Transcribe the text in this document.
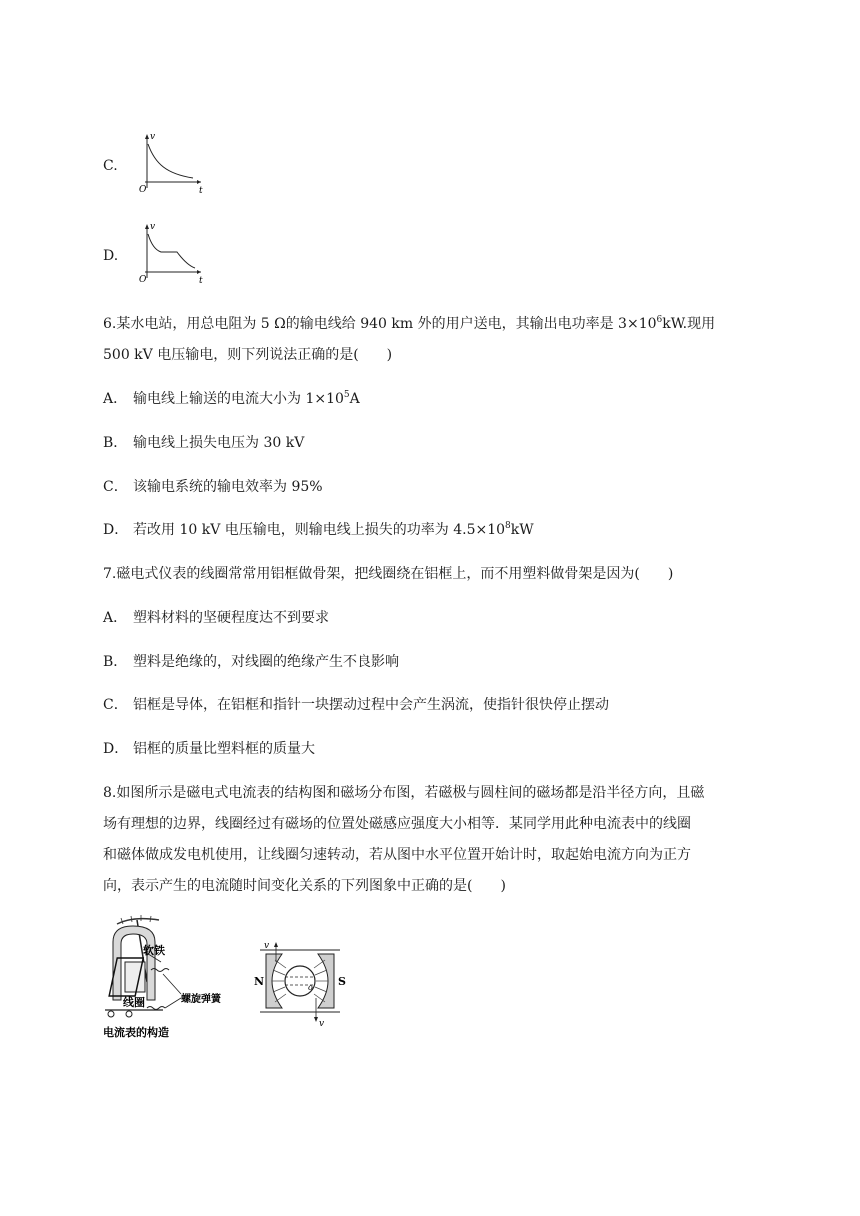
C.
v
O	t
D.
v
O	t
6.某水电站，用总电阻为 5 Ω的输电线给 940 km 外的用户送电，其输出电功率是 $3\times 10^6kW$.现用
500 kV 电压输电，则下列说法正确的是(　　)
A． 输电线上输送的电流大小为 $1\times 10^5A$
B． 输电线上损失电压为 30 kV
C． 该输电系统的输电效率为 95%
D． 若改用 10 kV 电压输电，则输电线上损失的功率为 $4.5\times 10^8kW$
7.磁电式仪表的线圈常常用铝框做骨架，把线圈绕在铝框上，而不用塑料做骨架是因为(　　)
A． 塑料材料的坚硬程度达不到要求
B． 塑料是绝缘的，对线圈的绝缘产生不良影响
C． 铝框是导体，在铝框和指针一块摆动过程中会产生涡流，使指针很快停止摆动
D． 铝框的质量比塑料框的质量大
8.如图所示是磁电式电流表的结构图和磁场分布图，若磁极与圆柱间的磁场都是沿半径方向，且磁
场有理想的边界，线圈经过有磁场的位置处磁感应强度大小相等．某同学用此种电流表中的线圈
和磁体做成发电机使用，让线圈匀速转动，若从图中水平位置开始计时，取起始电流方向为正方
向，表示产生的电流随时间变化关系的下列图象中正确的是(　　)
软铁
螺旋弹簧
线圈
电流表的构造
v
v
N	S
o
